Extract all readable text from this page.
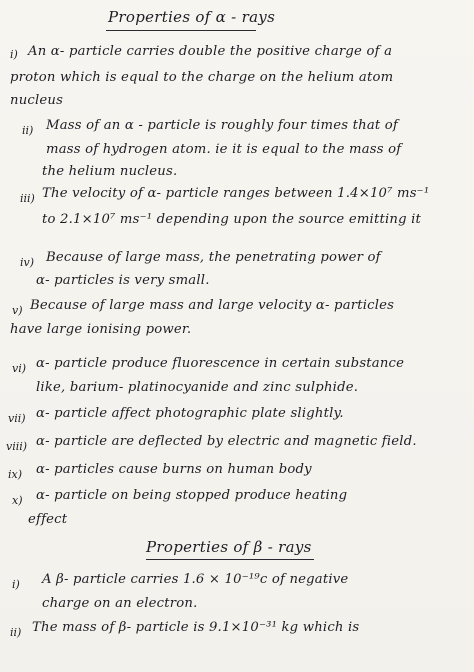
Properties of α - rays
i) An α- particle carries double the positive charge of a
proton which is equal to the charge on the helium atom
nucleus
ii) Mass of an α - particle is roughly four times that of
mass of hydrogen atom. ie it is equal to the mass of
the helium nucleus.
iii) The velocity of α- particle ranges between 1.4×10⁷ ms⁻¹
to 2.1×10⁷ ms⁻¹ depending upon the source emitting it
iv) Because of large mass, the penetrating power of
α- particles is very small.
v) Because of large mass and large velocity α- particles
have large ionising power.
vi) α- particle produce fluorescence in certain substance
like, barium- platinocyanide and zinc sulphide.
vii) α- particle affect photographic plate slightly.
viii) α- particle are deflected by electric and magnetic field.
ix) α- particles cause burns on human body
x) α- particle on being stopped produce heating
effect
Properties of β - rays
i) A β- particle carries 1.6 × 10⁻¹⁹c of negative
charge on an electron.
ii) The mass of β- particle is 9.1×10⁻³¹ kg which is
